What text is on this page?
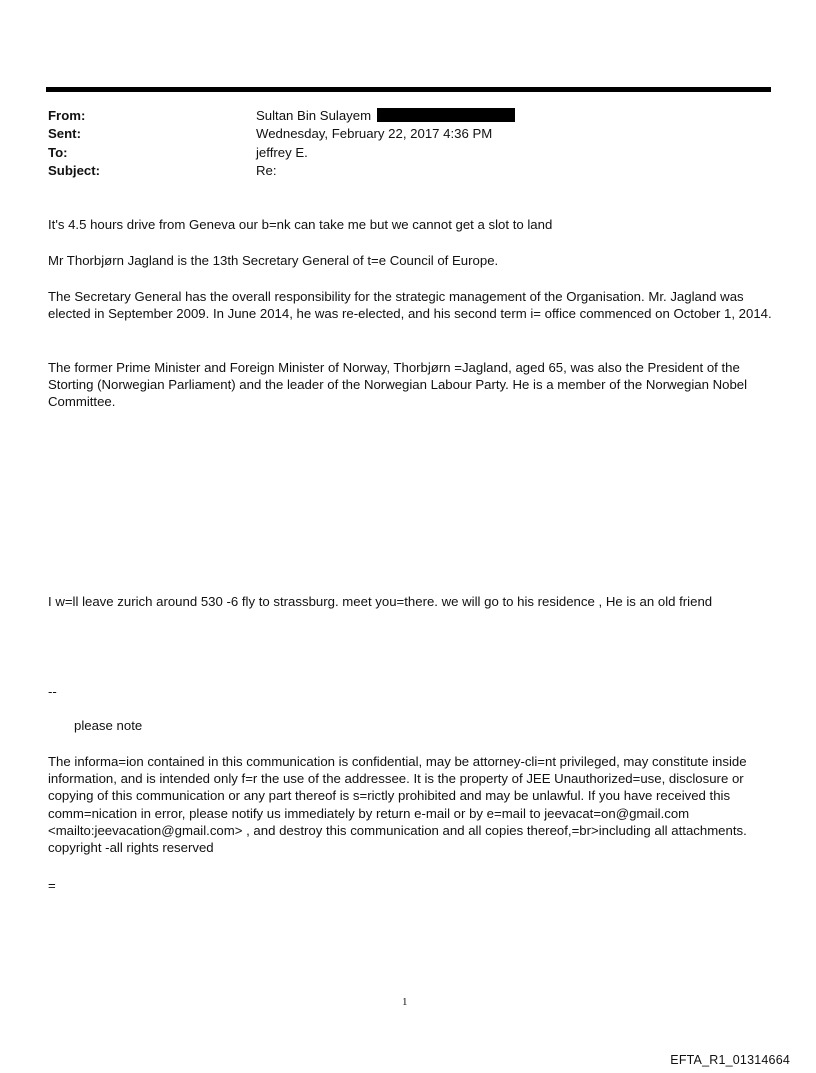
From:	Sultan Bin Sulayem
Sent:	Wednesday, February 22, 2017 4:36 PM
To:	jeffrey E.
Subject:	Re:

It's 4.5 hours drive from Geneva our b=nk can take me but we cannot get a slot to land

Mr Thorbjørn Jagland is the 13th Secretary General of t=e Council of Europe.

The Secretary General has the overall responsibility for the strategic management of the Organisation. Mr. Jagland was elected in September 2009. In June 2014, he was re-elected, and his second term i= office commenced on October 1, 2014.

The former Prime Minister and Foreign Minister of Norway, Thorbjørn =Jagland, aged 65, was also the President of the Storting (Norwegian Parliament) and the leader of the Norwegian Labour Party. He is a member of the Norwegian Nobel Committee.

I w=ll leave zurich around 530 -6 fly to strassburg. meet you=there. we will go to his residence , He is an old friend

--

please note

The informa=ion contained in this communication is confidential, may be attorney-cli=nt privileged, may constitute inside information, and is intended only f=r the use of the addressee. It is the property of JEE Unauthorized=use, disclosure or copying of this communication or any part thereof is s=rictly prohibited and may be unlawful. If you have received this comm=nication in error, please notify us immediately by return e-mail or by e=mail to jeevacat=on@gmail.com <mailto:jeevacation@gmail.com> , and destroy this communication and all copies thereof,=br>including all attachments. copyright -all rights reserved

=

1
EFTA_R1_01314664
